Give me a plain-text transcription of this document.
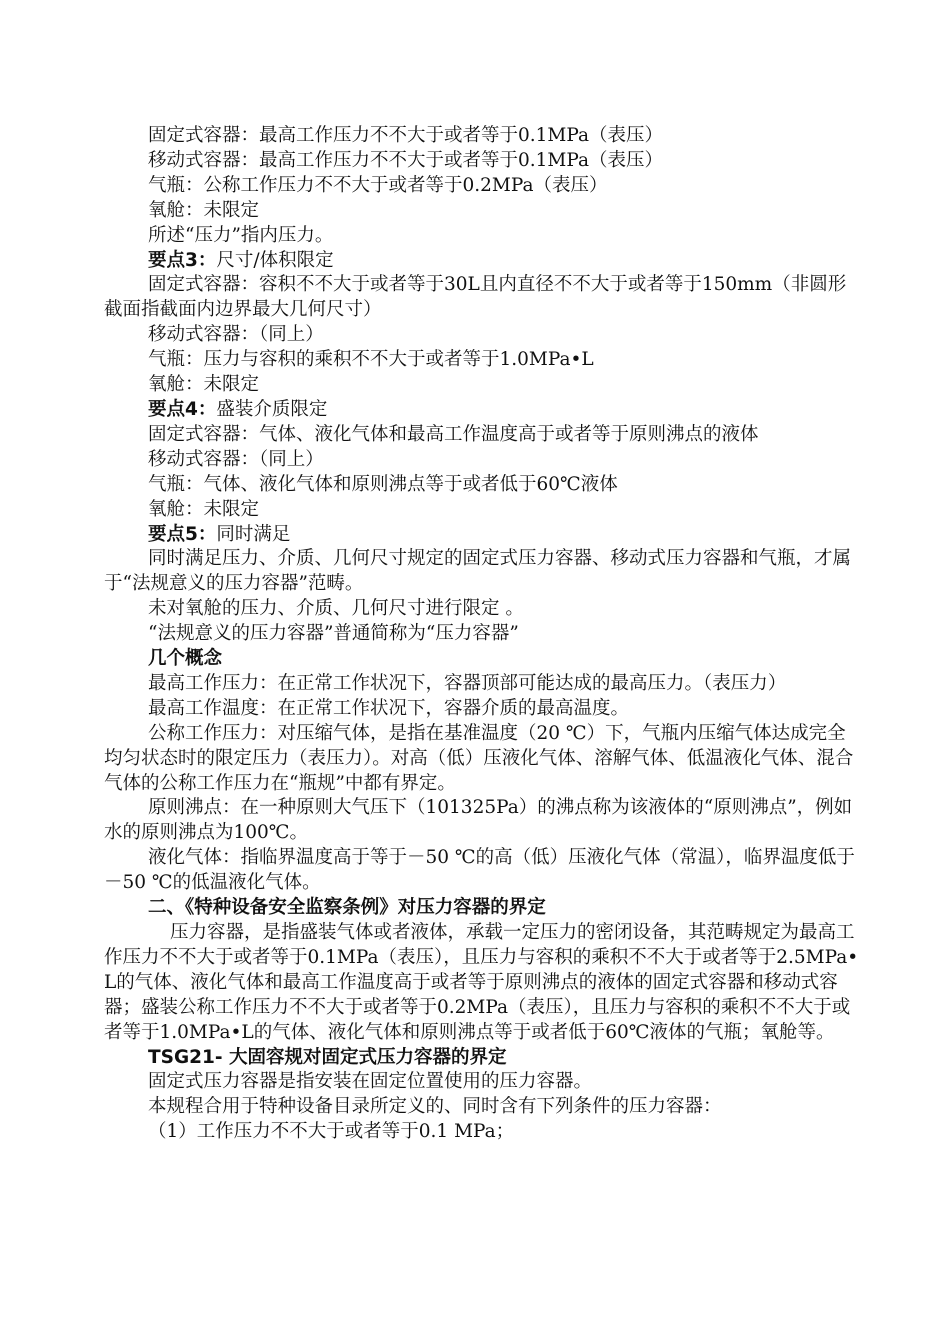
固定式容器：最高工作压力不不大于或者等于0.1MPa（表压）

移动式容器：最高工作压力不不大于或者等于0.1MPa（表压）

气瓶：公称工作压力不不大于或者等于0.2MPa（表压）

氧舱：未限定

所述“压力”指内压力。

要点3：尺寸/体积限定

固定式容器：容积不不大于或者等于30L且内直径不不大于或者等于150mm（非圆形截面指截面内边界最大几何尺寸）

移动式容器：（同上）

气瓶：压力与容积的乘积不不大于或者等于1.0MPa•L

氧舱：未限定

要点4：盛装介质限定

固定式容器：气体、液化气体和最高工作温度高于或者等于原则沸点的液体

移动式容器：（同上）

气瓶：气体、液化气体和原则沸点等于或者低于60℃液体

氧舱：未限定

要点5：同时满足

同时满足压力、介质、几何尺寸规定的固定式压力容器、移动式压力容器和气瓶，才属于“法规意义的压力容器”范畴。

未对氧舱的压力、介质、几何尺寸进行限定 。

“法规意义的压力容器”普通简称为“压力容器”

几个概念

最高工作压力：在正常工作状况下，容器顶部可能达成的最高压力。（表压力）

最高工作温度：在正常工作状况下，容器介质的最高温度。

公称工作压力：对压缩气体，是指在基准温度（20 ℃）下，气瓶内压缩气体达成完全均匀状态时的限定压力（表压力）。对高（低）压液化气体、溶解气体、低温液化气体、混合气体的公称工作压力在“瓶规”中都有界定。

原则沸点：在一种原则大气压下（101325Pa）的沸点称为该液体的“原则沸点”，例如水的原则沸点为100℃。

液化气体：指临界温度高于等于－50 ℃的高（低）压液化气体（常温），临界温度低于－50 ℃的低温液化气体。

二、《特种设备安全监察条例》对压力容器的界定

压力容器，是指盛装气体或者液体，承载一定压力的密闭设备，其范畴规定为最高工作压力不不大于或者等于0.1MPa（表压），且压力与容积的乘积不不大于或者等于2.5MPa•L的气体、液化气体和最高工作温度高于或者等于原则沸点的液体的固定式容器和移动式容器；盛装公称工作压力不不大于或者等于0.2MPa（表压），且压力与容积的乘积不不大于或者等于1.0MPa•L的气体、液化气体和原则沸点等于或者低于60℃液体的气瓶；氧舱等。

TSG21- 大固容规对固定式压力容器的界定

固定式压力容器是指安装在固定位置使用的压力容器。

本规程合用于特种设备目录所定义的、同时含有下列条件的压力容器：

（1）工作压力不不大于或者等于0.1 MPa；
